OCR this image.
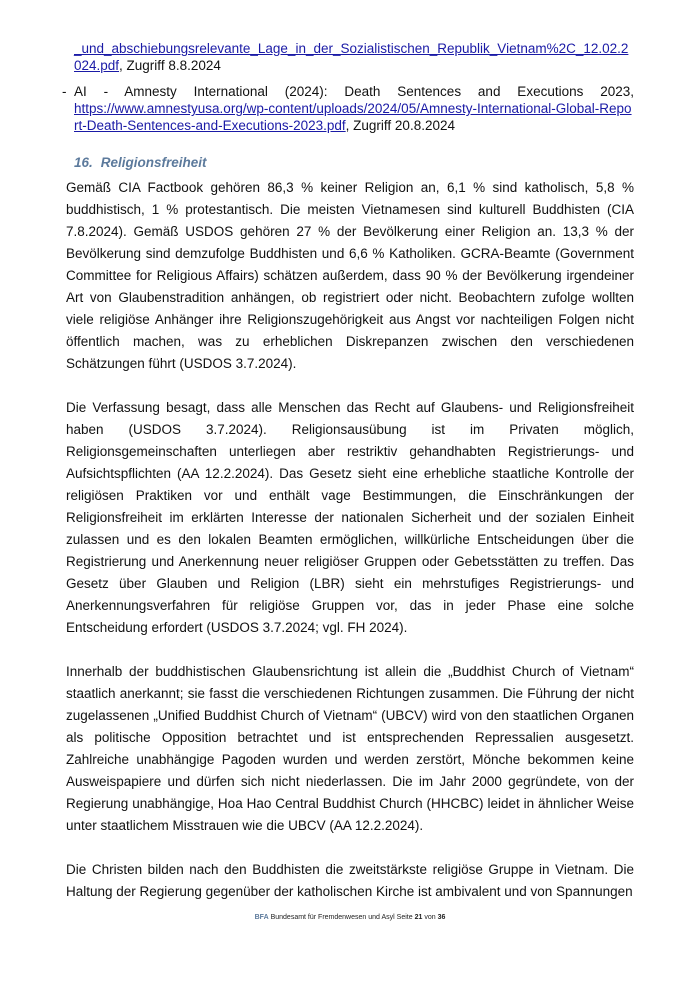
_und_abschiebungsrelevante_Lage_in_der_Sozialistischen_Republik_Vietnam%2C_12.02.2024.pdf, Zugriff 8.8.2024
- AI - Amnesty International (2024): Death Sentences and Executions 2023,
https://www.amnestyusa.org/wp-content/uploads/2024/05/Amnesty-International-Global-Report-Death-Sentences-and-Executions-2023.pdf, Zugriff 20.8.2024
16. Religionsfreiheit

Gemäß CIA Factbook gehören 86,3 % keiner Religion an, 6,1 % sind katholisch, 5,8 % buddhistisch, 1 % protestantisch. Die meisten Vietnamesen sind kulturell Buddhisten (CIA 7.8.2024). Gemäß USDOS gehören 27 % der Bevölkerung einer Religion an. 13,3 % der Bevölkerung sind demzufolge Buddhisten und 6,6 % Katholiken. GCRA-Beamte (Government Committee for Religious Affairs) schätzen außerdem, dass 90 % der Bevölkerung irgendeiner Art von Glaubenstradition anhängen, ob registriert oder nicht. Beobachtern zufolge wollten viele religiöse Anhänger ihre Religionszugehörigkeit aus Angst vor nachteiligen Folgen nicht öffentlich machen, was zu erheblichen Diskrepanzen zwischen den verschiedenen Schätzungen führt (USDOS 3.7.2024).

Die Verfassung besagt, dass alle Menschen das Recht auf Glaubens- und Religionsfreiheit haben (USDOS 3.7.2024). Religionsausübung ist im Privaten möglich, Religionsgemeinschaften unterliegen aber restriktiv gehandhabten Registrierungs- und Aufsichtspflichten (AA 12.2.2024). Das Gesetz sieht eine erhebliche staatliche Kontrolle der religiösen Praktiken vor und enthält vage Bestimmungen, die Einschränkungen der Religionsfreiheit im erklärten Interesse der nationalen Sicherheit und der sozialen Einheit zulassen und es den lokalen Beamten ermöglichen, willkürliche Entscheidungen über die Registrierung und Anerkennung neuer religiöser Gruppen oder Gebetsstätten zu treffen. Das Gesetz über Glauben und Religion (LBR) sieht ein mehrstufiges Registrierungs- und Anerkennungsverfahren für religiöse Gruppen vor, das in jeder Phase eine solche Entscheidung erfordert (USDOS 3.7.2024; vgl. FH 2024).

Innerhalb der buddhistischen Glaubensrichtung ist allein die „Buddhist Church of Vietnam“ staatlich anerkannt; sie fasst die verschiedenen Richtungen zusammen. Die Führung der nicht zugelassenen „Unified Buddhist Church of Vietnam“ (UBCV) wird von den staatlichen Organen als politische Opposition betrachtet und ist entsprechenden Repressalien ausgesetzt. Zahlreiche unabhängige Pagoden wurden und werden zerstört, Mönche bekommen keine Ausweispapiere und dürfen sich nicht niederlassen. Die im Jahr 2000 gegründete, von der Regierung unabhängige, Hoa Hao Central Buddhist Church (HHCBC) leidet in ähnlicher Weise unter staatlichem Misstrauen wie die UBCV (AA 12.2.2024).

Die Christen bilden nach den Buddhisten die zweitstärkste religiöse Gruppe in Vietnam. Die Haltung der Regierung gegenüber der katholischen Kirche ist ambivalent und von Spannungen

BFA Bundesamt für Fremdenwesen und Asyl Seite 21 von 36
